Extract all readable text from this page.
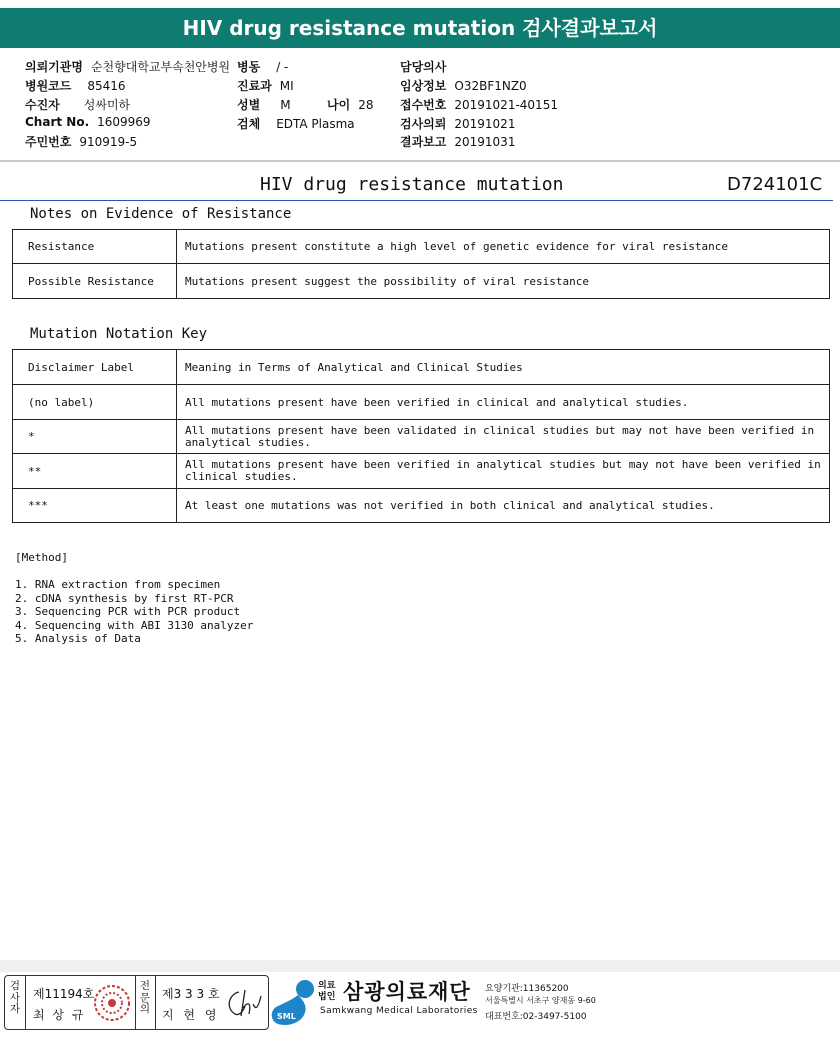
HIV drug resistance mutation 검사결과보고서
의뢰기관명 순천향대학교부속천안병원 병동 / -	담당의사
병원코드 85416	진료과 MI	임상정보 O32BF1NZ0
수진자 성싸미하	성별 M	나이 28 접수번호 20191021-40151
Chart No. 1609969	검체 EDTA Plasma	검사의뢰 20191021
주민번호 910919-5	결과보고 20191031
HIV drug resistance mutation	D724101C
Notes on Evidence of Resistance
Resistance	Mutations present constitute a high level of genetic evidence for viral resistance
Possible Resistance	Mutations present suggest the possibility of viral resistance
Mutation Notation Key
Disclaimer Label	Meaning in Terms of Analytical and Clinical Studies
(no label)	All mutations present have been verified in clinical and analytical studies.
*	All mutations present have been validated in clinical studies but may not have been verified in analytical studies.
**	All mutations present have been verified in analytical studies but may not have been verified in clinical studies.
***	At least one mutations was not verified in both clinical and analytical studies.
[Method]
1. RNA extraction from specimen
2. cDNA synthesis by first RT-PCR
3. Sequencing PCR with PCR product
4. Sequencing with ABI 3130 analyzer
5. Analysis of Data
검사자
제11194호
최 상 규
전문의
제3 3 3 호
지 현 영	SML
의료법인 삼광의료재단
Samkwang Medical Laboratories
요양기관:11365200
서울특별시 서초구 양재동 9-60
대표번호:02-3497-5100
